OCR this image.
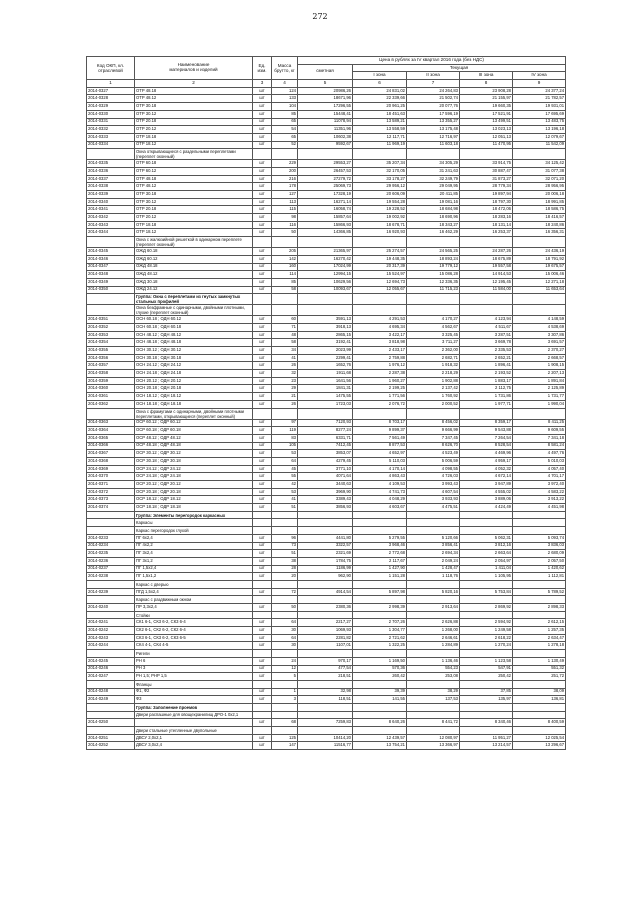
272
Код ОКП, кл. отраслевой	Наименование
материалов и изделий	Ед. изм.	Масса брутто, кг	Цена в рублях за IV квартал 2016 года (без НДС)				
				сметная	Текущая			
					I зона	II зона	III зона	IV зона
1	2	3	4	5	6	7	8	9
2014-0327	ОТР 48.18	шт	124	20986,26	24 831,02	24 264,83	23 908,28	24 377,24
2014-0328	ОТР 48.12	шт	133	18671,96	22 339,66	21 502,74	21 155,97	21 782,57
2014-0329	ОТР 30.18	шт	104	17296,55	20 961,25	20 077,76	19 660,35	19 931,01
2014-0330	ОТР 30.12	шт	85	15448,41	18 451,63	17 596,19	17 521,91	17 695,69
2014-0331	ОТР 20.18	шт	65	11078,94	13 589,21	13 355,27	13 499,51	13 483,75
2014-0332	ОТР 20.12	шт	54	11351,96	13 558,59	13 175,48	13 023,13	13 196,18
2014-0333	ОТР 18.18	шт	65	10602,38	12 117,71	12 716,97	12 051,13	12 079,67
2014-0334	ОТР 18.12	шт	52	9592,67	11 969,19	11 603,18	11 470,95	11 542,09
	Окна открывающиеся с раздельными переплетами (переплет оконный)							
2014-0335	ОТР 60.18	шт	229	29553,27	35 207,34	34 305,29	33 914,75	34 125,42
2014-0336	ОТР 60.12	шт	200	26457,53	32 170,05	31 241,63	30 887,47	31 077,38
2014-0337	ОТР 48.18	шт	216	27279,72	33 178,27	32 249,79	31 873,27	32 071,20
2014-0338	ОТР 48.12	шт	178	25069,73	29 956,12	29 049,95	28 779,34	28 956,95
2014-0339	ОТР 30.18	шт	127	17328,19	20 606,09	20 411,85	19 897,94	20 006,18
2014-0340	ОТР 30.12	шт	113	16271,14	19 554,28	19 081,16	18 797,30	18 991,85
2014-0341	ОТР 20.18	шт	115	16058,74	19 228,52	18 684,98	18 472,06	18 586,75
2014-0342	ОТР 20.12	шт	98	15857,64	19 002,92	18 690,96	18 283,16	18 416,57
2014-0343	ОТР 18.18	шт	116	15866,93	18 678,71	18 343,27	18 131,14	18 240,86
2014-0344	ОТР 18.12	шт	50	14366,85	16 920,93	16 462,29	16 253,37	16 356,31
	Окна с жалюзийной решеткой в одинарном переплете (переплет оконный)							
2014-0345	ОЖД 60.18	шт	205	21365,97	25 274,57	24 565,25	24 287,26	24 436,19
2014-0346	ОЖД 60.12	шт	142	16270,42	19 448,35	18 893,24	18 675,89	18 791,92
2014-0347	ОЖД 48.18	шт	160	17024,99	20 317,39	19 779,12	19 557,58	19 675,57
2014-0348	ОЖД 48.12	шт	114	12994,15	15 524,97	15 086,28	14 914,53	15 006,46
2014-0349	ОЖД 30.18	шт	85	10629,56	12 694,73	12 336,35	12 195,45	12 271,18
2014-0350	ОЖД 24.12	шт	58	10093,67	12 055,67	11 715,23	11 584,00	11 653,64
	Группа: Окна с переплетами из гнутых замкнутых стальных профилей							
	Окна безфрамные с одинарными, двойными плотными, глухие (переплет оконный)							
2014-0351	ОСН 60.18 ; ОДН 60.12	шт	60	3591,13	4 291,53	4 170,27	4 123,94	4 148,59
2014-0352	ОСН 60.18 ; ОДН 60.18	шт	71	3918,13	4 695,34	4 562,67	4 511,67	4 538,69
2014-0353	ОСН 48.12 ; ОДН 48.12	шт	48	2865,15	3 422,17	3 325,45	3 287,51	3 307,86
2014-0354	ОСН 48.18 ; ОДН 48.18	шт	58	3192,41	3 818,98	3 711,27	3 669,78	3 691,57
2014-0355	ОСН 30.12 ; ОДН 30.12	шт	34	2023,99	2 433,17	2 362,00	2 335,53	2 370,27
2014-0356	ОСН 30.18 ; ОДН 30.18	шт	41	2299,41	2 759,88	2 682,71	2 652,21	2 668,57
2014-0357	ОСН 24.12 ; ОДН 24.12	шт	26	1652,76	1 976,12	1 918,32	1 896,41	1 908,15
2014-0358	ОСН 24.18 ; ОДН 24.18	шт	32	1911,68	2 287,38	2 218,29	2 193,52	2 207,13
2014-0359	ОСН 20.12 ; ОДН 20.12	шт	23	1641,56	1 960,27	1 902,88	1 883,17	1 891,84
2014-0360	ОСН 20.18 ; ОДН 20.18	шт	29	1841,31	2 199,25	2 137,42	2 112,75	2 125,89
2014-0361	ОСН 18.12 ; ОДН 18.12	шт	21	1475,55	1 771,56	1 760,92	1 731,86	1 731,77
2014-0362	ОСН 18.18 ; ОДН 18.18	шт	26	1723,03	2 076,72	2 000,52	1 977,71	1 990,04
	Окна с фрамугами с одинарными, двойными плотными переплетами, открывающиеся (переплет оконный)							
2014-0363	ОСР 60.12 ; ОДР 60.12	шт	97	7120,93	8 703,17	8 456,02	8 359,17	8 411,25
2014-0364	ОСР 60.18 ; ОДР 60.18	шт	119	8277,24	9 899,37	9 666,99	9 543,88	9 609,55
2014-0365	ОСР 48.12 ; ОДР 48.12	шт	83	6331,71	7 561,49	7 347,45	7 264,54	7 341,18
2014-0366	ОСР 48.18 ; ОДР 48.18	шт	105	7412,45	8 877,53	8 626,70	8 528,54	8 581,24
2014-0367	ОСР 30.12 ; ОДР 30.12	шт	53	3853,07	4 652,97	4 523,49	4 469,96	4 497,76
2014-0368	ОСР 30.18 ; ОДР 30.18	шт	64	4279,45	5 110,03	5 006,59	4 959,17	5 010,03
2014-0369	ОСР 24.12 ; ОДР 24.12	шт	45	3771,10	4 170,14	4 098,55	4 052,32	4 057,40
2014-0370	ОСР 24.18 ; ОДР 24.18	шт	55	4071,64	4 863,43	4 726,03	4 672,14	4 701,17
2014-0371	ОСР 20.12 ; ОДР 20.12	шт	42	3440,63	4 109,53	3 993,43	3 947,89	3 972,40
2014-0372	ОСР 20.18 ; ОДР 20.18	шт	53	3969,90	4 741,73	4 607,54	4 555,02	4 583,22
2014-0373	ОСР 18.12 ; ОДР 18.12	шт	41	3389,43	4 048,29	3 933,93	3 889,06	3 913,22
2014-0374	ОСР 18.18 ; ОДР 18.18	шт	51	3856,93	4 603,67	4 475,51	4 424,49	4 451,98
	Группа: Элементы перегородок каркасных							
	Каркасы							
	Каркас перегородок глухой							
2014-0233	ПГ 6х2,4	шт	96	4441,80	5 279,55	5 120,66	5 062,31	5 093,74
2014-0234	ПГ 4х2,2	шт	73	3322,57	3 968,46	3 856,41	3 812,16	3 836,03
2014-0235	ПГ 3х2,4	шт	51	2321,69	2 772,68	2 694,34	2 663,64	2 680,09
2014-0236	ПГ 3х1,2	шт	38	1784,75	2 117,67	2 049,24	2 054,97	2 057,50
2014-0237	ПГ 1,5х2,4	шт	28	1186,99	1 427,90	1 428,47	1 411,04	1 420,62
2014-0238	ПГ 1,5х1,2	шт	20	962,90	1 151,28	1 118,76	1 105,95	1 112,81
	Каркас с дверью							
2014-0239	ПГД 1,5х2,4	шт	72	4914,54	5 897,98	5 820,16	5 753,84	5 789,52
	Каркас с раздвижным окном							
2014-0240	ПР 3,3х2,4	шт	50	2380,36	2 998,39	2 913,64	2 869,92	2 898,33
	Стойки							
2014-0241	СК1 6-1, СК3 6-2, СК3 6-4	шт	64	2217,27	2 707,26	2 626,88	2 594,92	2 612,15
2014-0242	СК2 6-1, СК2 6-2, СК2 6-4	шт	30	1069,93	1 304,77	1 268,00	1 249,58	1 257,35
2014-0243	СК3 6-1, СК3 6-2, СК3 6-5	шт	64	2281,82	2 721,62	2 646,61	2 618,22	2 634,47
2014-0244	СК4 4-1, СК4 4-5	шт	30	1107,01	1 322,25	1 284,89	1 270,24	1 278,18
	Ригели							
2014-0245	РН 6	шт	24	970,17	1 169,50	1 136,46	1 123,58	1 130,49
2014-0246	РН 3	шт	12	477,54	570,36	554,23	547,91	551,32
2014-0247	РН 1,5; РНР 1,5	шт	5	218,51	260,42	253,08	250,42	251,72
	Фланцы							
2014-0248	Ф1, Ф2	шт	1	32,98	39,39	38,29	37,85	38,09
2014-0249	Ф3	шт	3	118,51	141,55	137,53	135,97	136,81
	Группа: Заполнение проемов							
	Двери распашные для овощехранилищ ДРО-1 0х2,1							
2014-0250		шт	68	7259,83	8 640,26	8 441,72	8 340,46	8 400,59
	Двери стальные утепленные двупольные							
2014-0251	ДВСУ 2,0х2,1	шт	125	10414,20	12 439,57	12 080,97	11 951,27	12 025,54
2014-0252	ДВСУ 3,0х2,4	шт	147	11516,77	13 754,21	13 366,97	13 214,57	13 296,67
